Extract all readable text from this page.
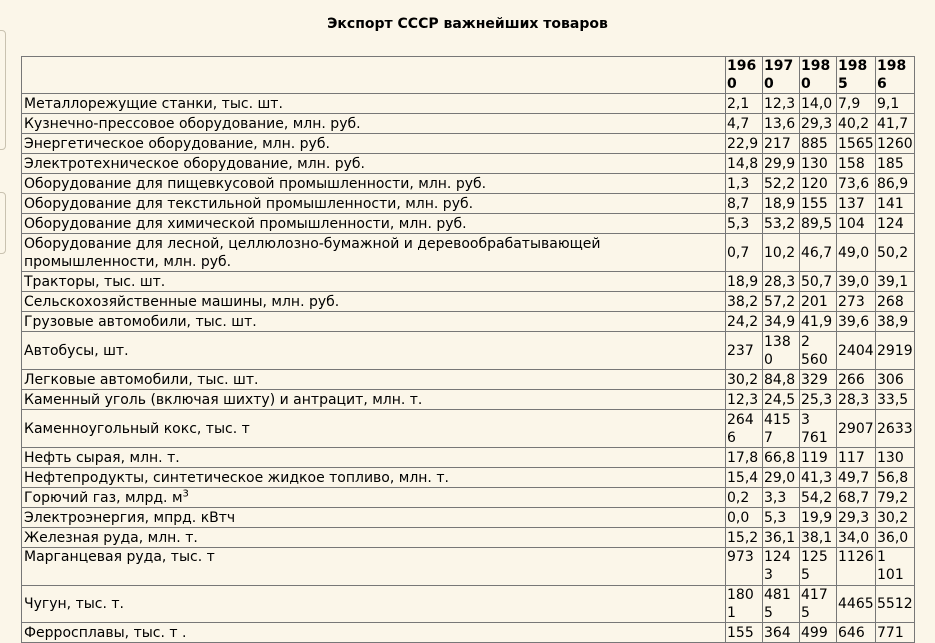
Экспорт СССР важнейших товаров
	1960	1970	1980	1985	1986
Металлорежущие станки, тыс. шт.	2,1	12,3	14,0	7,9	9,1
Кузнечно-прессовое оборудование, млн. руб.	4,7	13,6	29,3	40,2	41,7
Энергетическое оборудование, млн. руб.	22,9	217	885	1565	1260
Электротехническое оборудование, млн. руб.	14,8	29,9	130	158	185
Оборудование для пищевкусовой промышленности, млн. руб.	1,3	52,2	120	73,6	86,9
Оборудование для текстильной промышленности, млн. руб.	8,7	18,9	155	137	141
Оборудование для химической промышленности, млн. руб.	5,3	53,2	89,5	104	124
Оборудование для лесной, целлюлозно-бумажной и деревообрабатывающей промышленности, млн. руб.	0,7	10,2	46,7	49,0	50,2
Тракторы, тыс. шт.	18,9	28,3	50,7	39,0	39,1
Сельскохозяйственные машины, млн. руб.	38,2	57,2	201	273	268
Грузовые автомобили, тыс. шт.	24,2	34,9	41,9	39,6	38,9
Автобусы, шт.	237	1380	2 560	2404	2919
Легковые автомобили, тыс. шт.	30,2	84,8	329	266	306
Каменный уголь (включая шихту) и антрацит, млн. т.	12,3	24,5	25,3	28,3	33,5
Каменноугольный кокс, тыс. т	2646	4157	3 761	2907	2633
Нефть сырая, млн. т.	17,8	66,8	119	117	130
Нефтепродукты, синтетическое жидкое топливо, млн. т.	15,4	29,0	41,3	49,7	56,8
Горючий газ, млрд. $м^3$	0,2	3,3	54,2	68,7	79,2
Электроэнергия, мпрд. кВтч	0,0	5,3	19,9	29,3	30,2
Железная руда, млн. т.	15,2	36,1	38,1	34,0	36,0
Марганцевая руда, тыс. т	973	1243	1255	1126	1 101
Чугун, тыс. т.	1801	4815	4175	4465	5512
Ферросплавы, тыс. т .	155	364	499	646	771
